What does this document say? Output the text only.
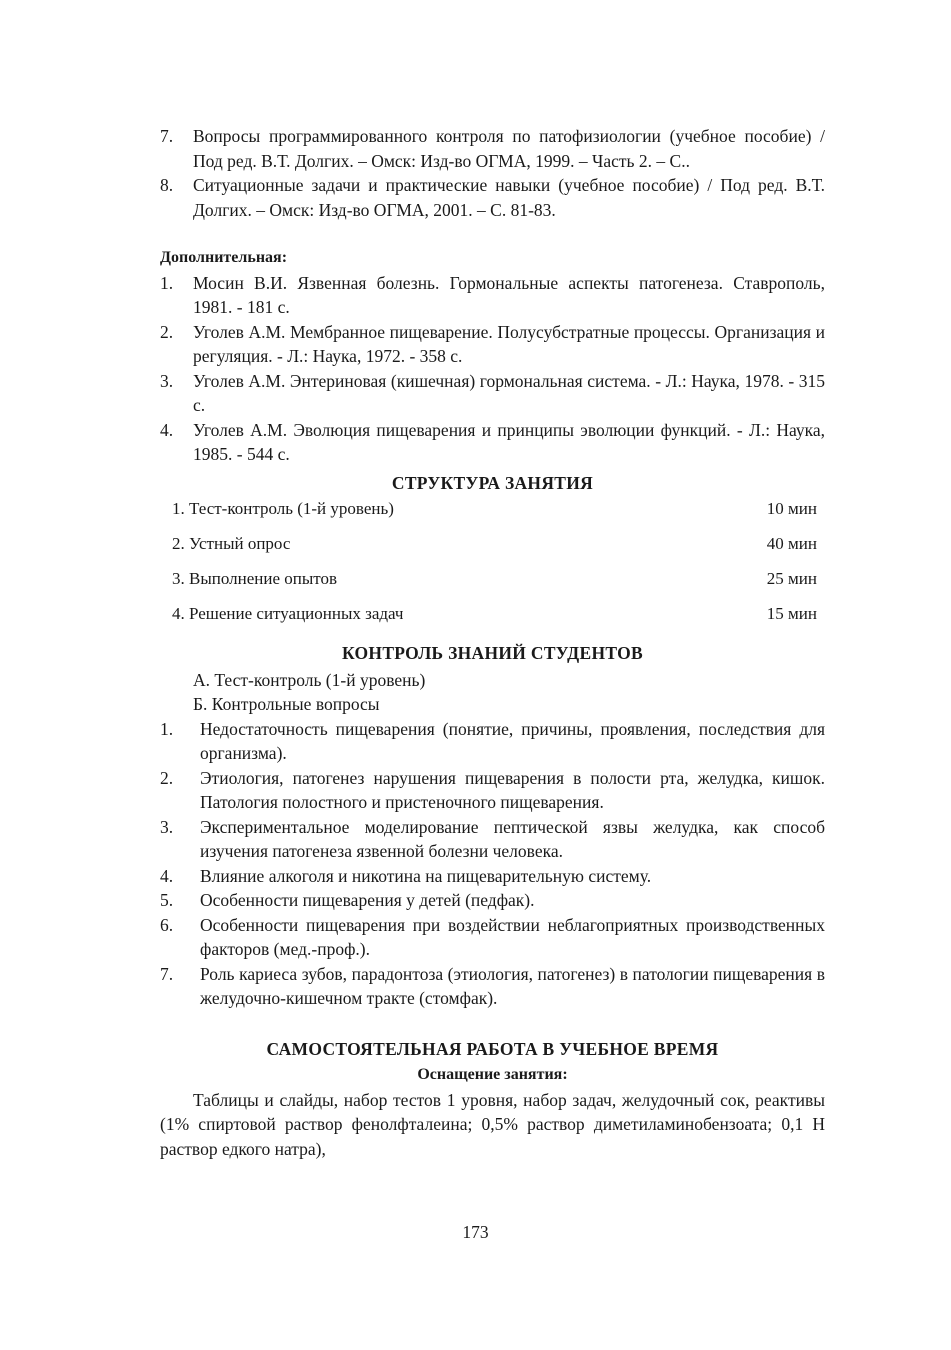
7.	Вопросы программированного контроля по патофизиологии (учебное пособие) / Под ред. В.Т. Долгих. – Омск: Изд-во ОГМА, 1999. – Часть 2. – С..
8.	Ситуационные задачи и практические навыки (учебное пособие) / Под ред. В.Т. Долгих. – Омск: Изд-во ОГМА, 2001. – С. 81-83.
Дополнительная:
1.	Мосин В.И. Язвенная болезнь. Гормональные аспекты патогенеза. Ставрополь, 1981. - 181 с.
2.	Уголев А.М. Мембранное пищеварение. Полусубстратные процессы. Организация и регуляция. - Л.: Наука, 1972. - 358 с.
3.	Уголев А.М. Энтериновая (кишечная) гормональная система. - Л.: Наука, 1978. - 315 с.
4.	Уголев А.М. Эволюция пищеварения и принципы эволюции функций. - Л.: Наука, 1985. - 544 с.
СТРУКТУРА ЗАНЯТИЯ
1. Тест-контроль (1-й уровень)	10 мин
2. Устный опрос	40 мин
3. Выполнение опытов	25 мин
4. Решение ситуационных задач	15 мин
КОНТРОЛЬ ЗНАНИЙ СТУДЕНТОВ
А. Тест-контроль (1-й уровень)
Б. Контрольные вопросы
1.	Недостаточность пищеварения (понятие, причины, проявления, последствия для организма).
2.	Этиология, патогенез нарушения пищеварения в полости рта, желудка, кишок. Патология полостного и пристеночного пищеварения.
3.	Экспериментальное моделирование пептической язвы желудка, как способ изучения патогенеза язвенной болезни человека.
4.	Влияние алкоголя и никотина на пищеварительную систему.
5.	Особенности пищеварения у детей (педфак).
6.	Особенности пищеварения при воздействии неблагоприятных производственных факторов (мед.-проф.).
7.	Роль кариеса зубов, парадонтоза (этиология, патогенез) в патологии пищеварения в желудочно-кишечном тракте (стомфак).
САМОСТОЯТЕЛЬНАЯ РАБОТА В УЧЕБНОЕ ВРЕМЯ
Оснащение занятия:
Таблицы и слайды, набор тестов 1 уровня, набор задач, желудочный сок, реактивы (1% спиртовой раствор фенолфталеина; 0,5% раствор диметиламинобензоата; 0,1 Н раствор едкого натра),
173
